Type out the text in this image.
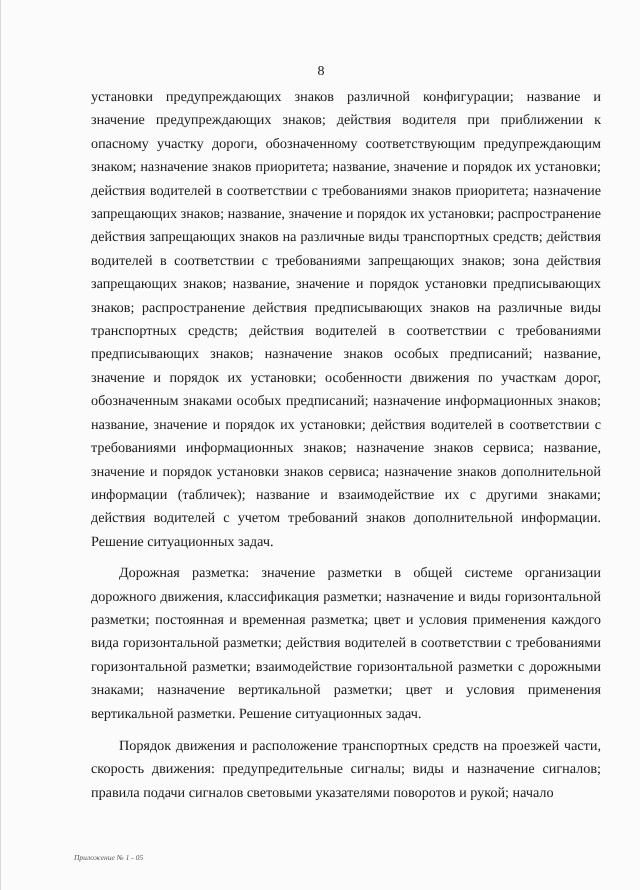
8

установки предупреждающих знаков различной конфигурации; название и значение предупреждающих знаков; действия водителя при приближении к опасному участку дороги, обозначенному соответствующим предупреждающим знаком; назначение знаков приоритета; название, значение и порядок их установки; действия водителей в соответствии с требованиями знаков приоритета; назначение запрещающих знаков; название, значение и порядок их установки; распространение действия запрещающих знаков на различные виды транспортных средств; действия водителей в соответствии с требованиями запрещающих знаков; зона действия запрещающих знаков; название, значение и порядок установки предписывающих знаков; распространение действия предписывающих знаков на различные виды транспортных средств; действия водителей в соответствии с требованиями предписывающих знаков; назначение знаков особых предписаний; название, значение и порядок их установки; особенности движения по участкам дорог, обозначенным знаками особых предписаний; назначение информационных знаков; название, значение и порядок их установки; действия водителей в соответствии с требованиями информационных знаков; назначение знаков сервиса; название, значение и порядок установки знаков сервиса; назначение знаков дополнительной информации (табличек); название и взаимодействие их с другими знаками; действия водителей с учетом требований знаков дополнительной информации. Решение ситуационных задач.

Дорожная разметка: значение разметки в общей системе организации дорожного движения, классификация разметки; назначение и виды горизонтальной разметки; постоянная и временная разметка; цвет и условия применения каждого вида горизонтальной разметки; действия водителей в соответствии с требованиями горизонтальной разметки; взаимодействие горизонтальной разметки с дорожными знаками; назначение вертикальной разметки; цвет и условия применения вертикальной разметки. Решение ситуационных задач.

Порядок движения и расположение транспортных средств на проезжей части, скорость движения: предупредительные сигналы; виды и назначение сигналов; правила подачи сигналов световыми указателями поворотов и рукой; начало

Приложение № 1 - 05
